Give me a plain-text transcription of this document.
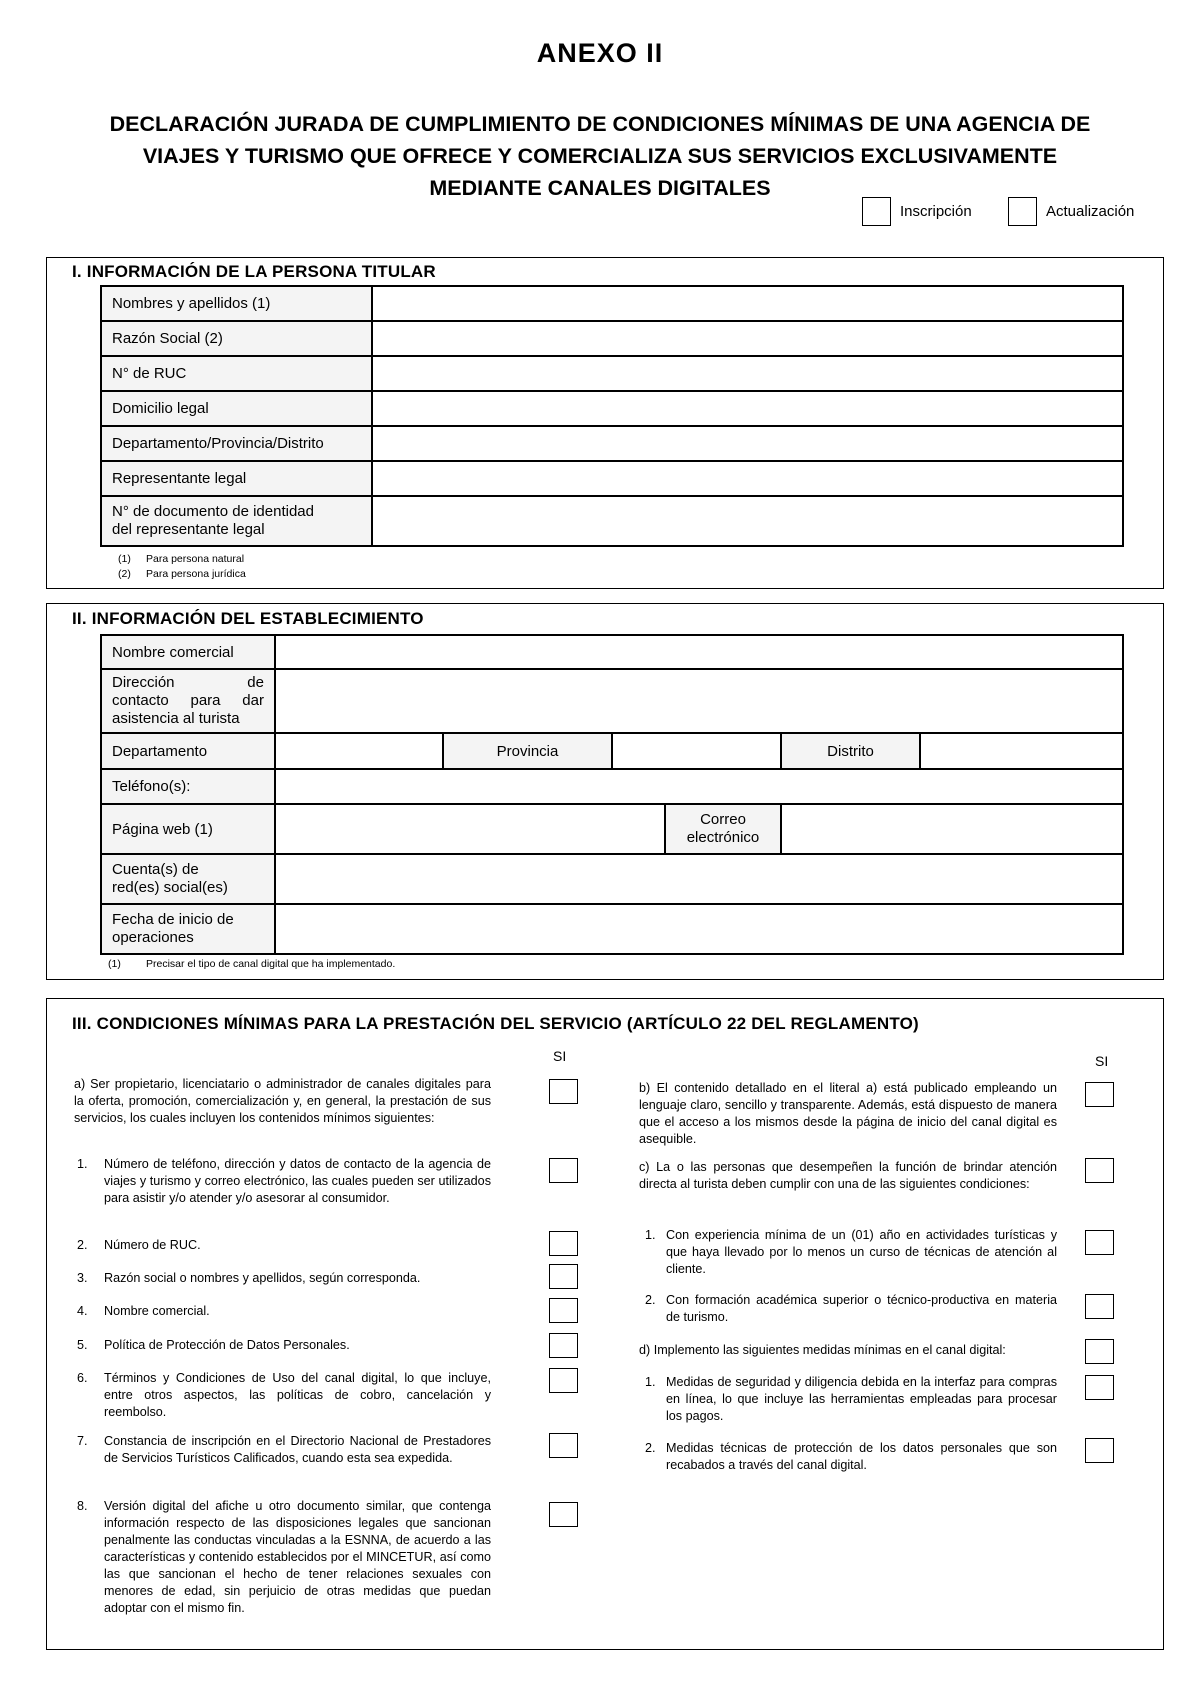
ANEXO II
DECLARACIÓN JURADA DE CUMPLIMIENTO DE CONDICIONES MÍNIMAS DE UNA AGENCIA DE
VIAJES Y TURISMO QUE OFRECE Y COMERCIALIZA SUS SERVICIOS EXCLUSIVAMENTE
MEDIANTE CANALES DIGITALES
Inscripción	Actualización
I. INFORMACIÓN DE LA PERSONA TITULAR
Nombres y apellidos (1)	
Razón Social (2)	
N° de RUC	
Domicilio legal	
Departamento/Provincia/Distrito	
Representante legal	

N° de documento de identidad
del representante legal

(1) Para persona natural
(2) Para persona jurídica
II. INFORMACIÓN DEL ESTABLECIMIENTO
Nombre comercial	

Dirección de
contacto para dar
asistencia al turista

Departamento		Provincia			Distrito	
Teléfono(s):	
Página web (1)				Correo
electrónico

Cuenta(s) de
red(es) social(es)

Fecha de inicio de
operaciones

(1) Precisar el tipo de canal digital que ha implementado.
III. CONDICIONES MÍNIMAS PARA LA PRESTACIÓN DEL SERVICIO (ARTÍCULO 22 DEL REGLAMENTO)
SI	SI
a) Ser propietario, licenciatario o administrador de canales digitales para la oferta, promoción, comercialización y, en general, la prestación de sus servicios, los cuales incluyen los contenidos mínimos siguientes:
1. Número de teléfono, dirección y datos de contacto de la agencia de viajes y turismo y correo electrónico, las cuales pueden ser utilizados para asistir y/o atender y/o asesorar al consumidor.
2. Número de RUC.
3. Razón social o nombres y apellidos, según corresponda.
4. Nombre comercial.
5. Política de Protección de Datos Personales.
6. Términos y Condiciones de Uso del canal digital, lo que incluye, entre otros aspectos, las políticas de cobro, cancelación y reembolso.
7. Constancia de inscripción en el Directorio Nacional de Prestadores de Servicios Turísticos Calificados, cuando esta sea expedida.
8. Versión digital del afiche u otro documento similar, que contenga información respecto de las disposiciones legales que sancionan penalmente las conductas vinculadas a la ESNNA, de acuerdo a las características y contenido establecidos por el MINCETUR, así como las que sancionan el hecho de tener relaciones sexuales con menores de edad, sin perjuicio de otras medidas que puedan adoptar con el mismo fin.
b) El contenido detallado en el literal a) está publicado empleando un lenguaje claro, sencillo y transparente. Además, está dispuesto de manera que el acceso a los mismos desde la página de inicio del canal digital es asequible.
c) La o las personas que desempeñen la función de brindar atención directa al turista deben cumplir con una de las siguientes condiciones:
1. Con experiencia mínima de un (01) año en actividades turísticas y que haya llevado por lo menos un curso de técnicas de atención al cliente.
2. Con formación académica superior o técnico-productiva en materia de turismo.
d) Implemento las siguientes medidas mínimas en el canal digital:
1. Medidas de seguridad y diligencia debida en la interfaz para compras en línea, lo que incluye las herramientas empleadas para procesar los pagos.
2. Medidas técnicas de protección de los datos personales que son recabados a través del canal digital.
